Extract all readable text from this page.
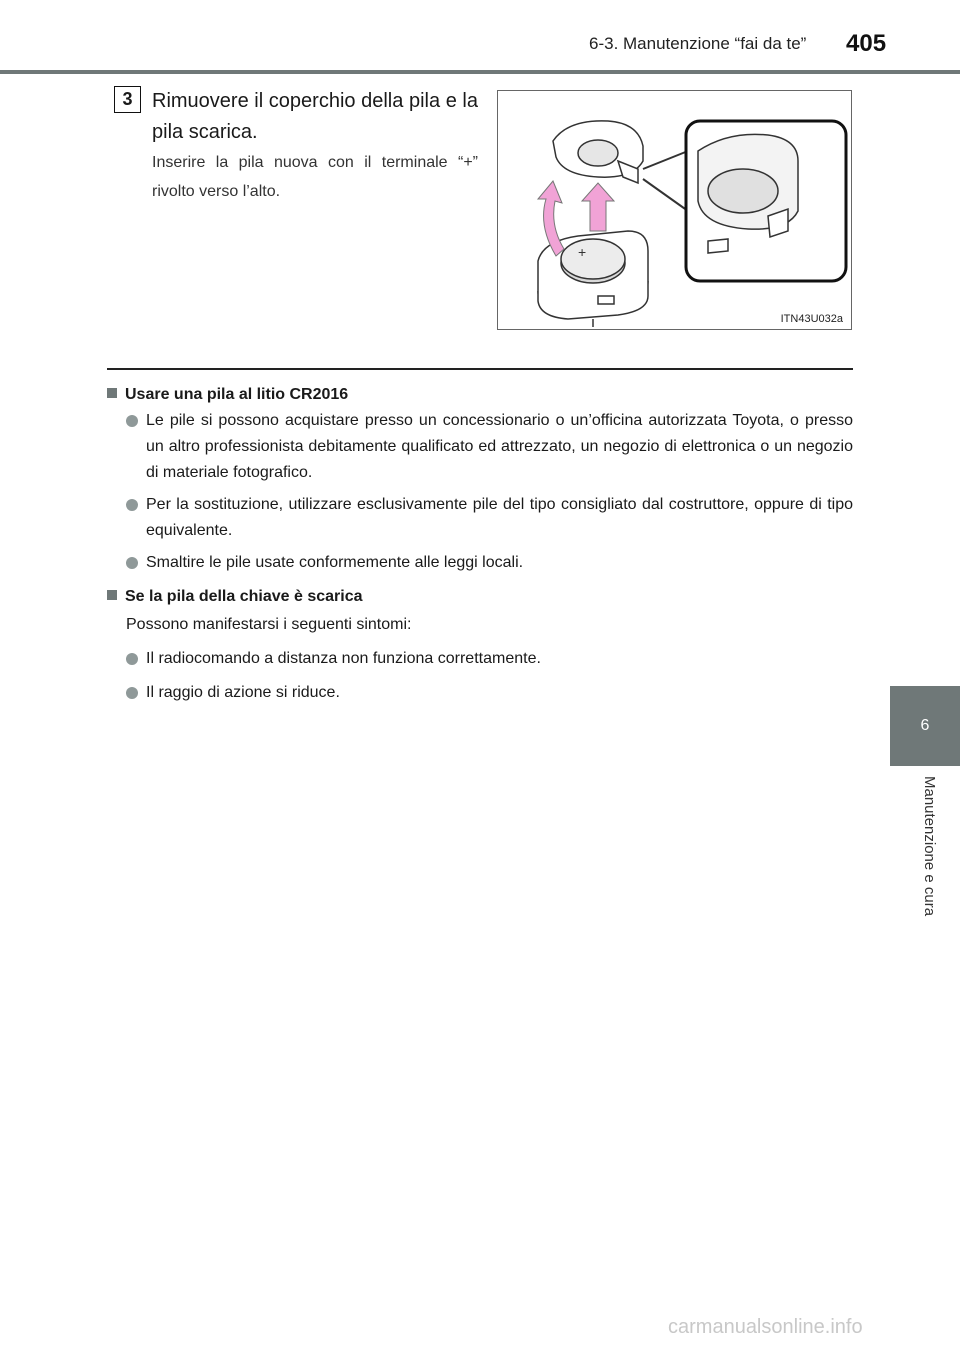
6-3. Manutenzione “fai da te” 405
6
Manutenzione e cura
3 Rimuovere il coperchio della pila e la pila scarica.
Inserire la pila nuova con il terminale “+” rivolto verso l’alto.
+
ITN43U032a
Usare una pila al litio CR2016
Le pile si possono acquistare presso un concessionario o un’officina autorizzata Toyota, o presso un altro professionista debitamente qualificato ed attrezzato, un negozio di elettronica o un negozio di materiale fotografico.
Per la sostituzione, utilizzare esclusivamente pile del tipo consigliato dal costruttore, oppure di tipo equivalente.
Smaltire le pile usate conformemente alle leggi locali.
Se la pila della chiave è scarica
Possono manifestarsi i seguenti sintomi:
Il radiocomando a distanza non funziona correttamente.
Il raggio di azione si riduce.
carmanualsonline.info
